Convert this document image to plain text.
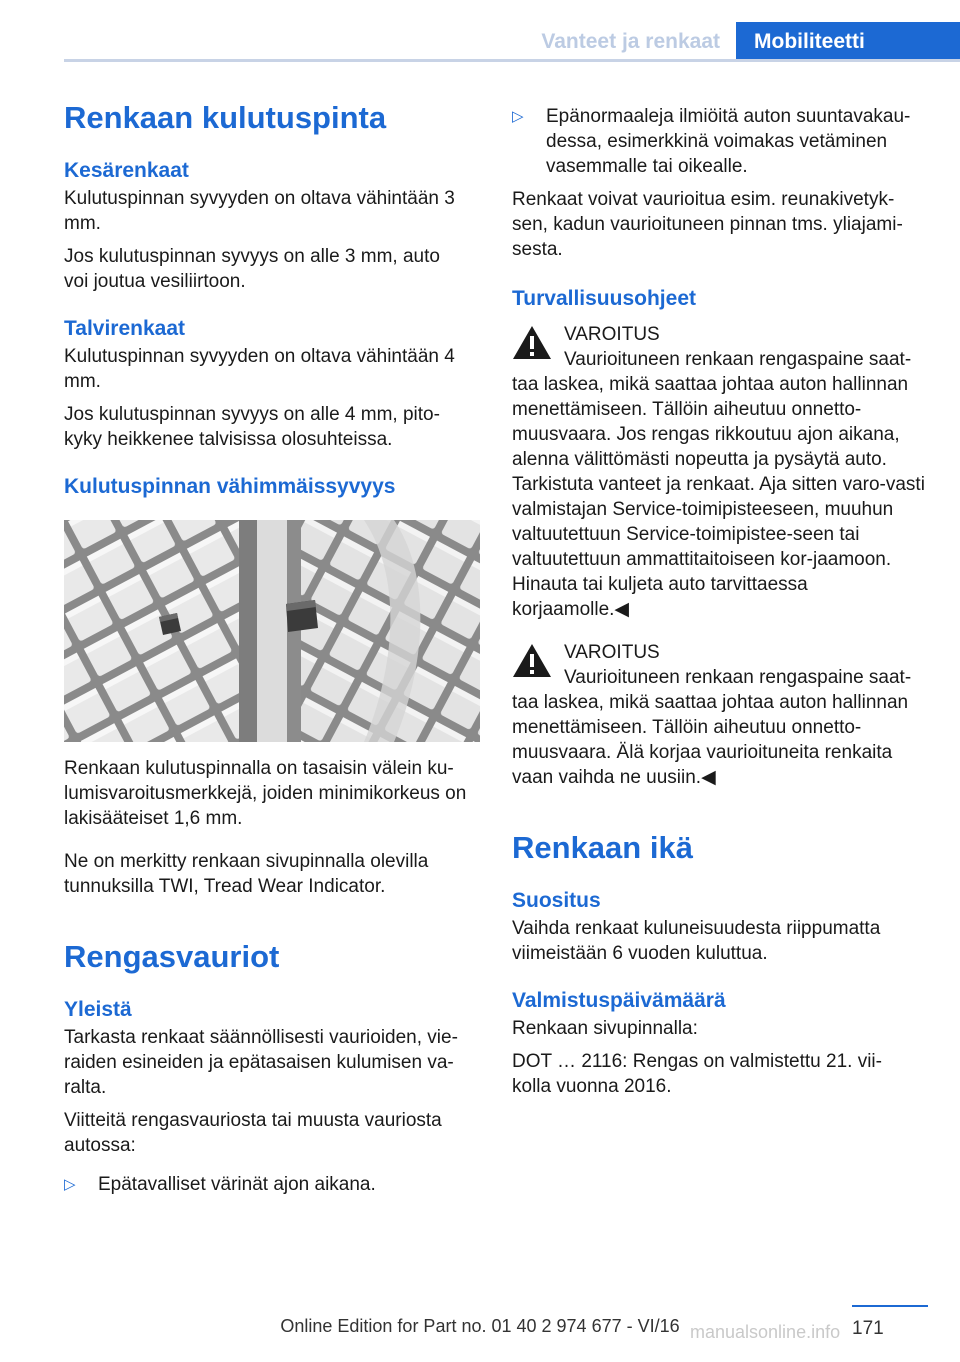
Vanteet ja renkaat	Mobiliteetti
Renkaan kulutuspinta
Kesärenkaat

Kulutuspinnan syvyyden on oltava vähintään 3 mm.

Jos kulutuspinnan syvyys on alle 3 mm, auto voi joutua vesiliirtoon.

Talvirenkaat

Kulutuspinnan syvyyden on oltava vähintään 4 mm.

Jos kulutuspinnan syvyys on alle 4 mm, pito-kyky heikkenee talvisissa olosuhteissa.

Kulutuspinnan vähimmäissyvyys

Renkaan kulutuspinnalla on tasaisin välein ku-lumisvaroitusmerkkejä, joiden minimikorkeus on lakisääteiset 1,6 mm.

Ne on merkitty renkaan sivupinnalla olevilla tunnuksilla TWI, Tread Wear Indicator.

Rengasvauriot
Yleistä

Tarkasta renkaat säännöllisesti vaurioiden, vie-raiden esineiden ja epätasaisen kulumisen va-ralta.

Viitteitä rengasvauriosta tai muusta vauriosta autossa:

▷ Epätavalliset värinät ajon aikana.
▷ Epänormaaleja ilmiöitä auton suuntavakau-dessa, esimerkkinä voimakas vetäminen vasemmalle tai oikealle.

Renkaat voivat vaurioitua esim. reunakivetyk-sen, kadun vaurioituneen pinnan tms. yliajami-sesta.

Turvallisuusohjeet
VAROITUS
Vaurioituneen renkaan rengaspaine saat-taa laskea, mikä saattaa johtaa auton hallinnan menettämiseen. Tällöin aiheutuu onnetto-muusvaara. Jos rengas rikkoutuu ajon aikana, alenna välittömästi nopeutta ja pysäytä auto. Tarkistuta vanteet ja renkaat. Aja sitten varo-vasti valmistajan Service-toimipisteeseen, muuhun valtuutettuun Service-toimipistee-seen tai valtuutettuun ammattitaitoiseen kor-jaamoon. Hinauta tai kuljeta auto tarvittaessa korjaamolle.◀
VAROITUS
Vaurioituneen renkaan rengaspaine saat-taa laskea, mikä saattaa johtaa auton hallinnan menettämiseen. Tällöin aiheutuu onnetto-muusvaara. Älä korjaa vaurioituneita renkaita vaan vaihda ne uusiin.◀
Renkaan ikä
Suositus

Vaihda renkaat kuluneisuudesta riippumatta viimeistään 6 vuoden kuluttua.

Valmistuspäivämäärä

Renkaan sivupinnalla:

DOT … 2116: Rengas on valmistettu 21. vii-kolla vuonna 2016.

171
Online Edition for Part no. 01 40 2 974 677 - VI/16 manualsonline.info
